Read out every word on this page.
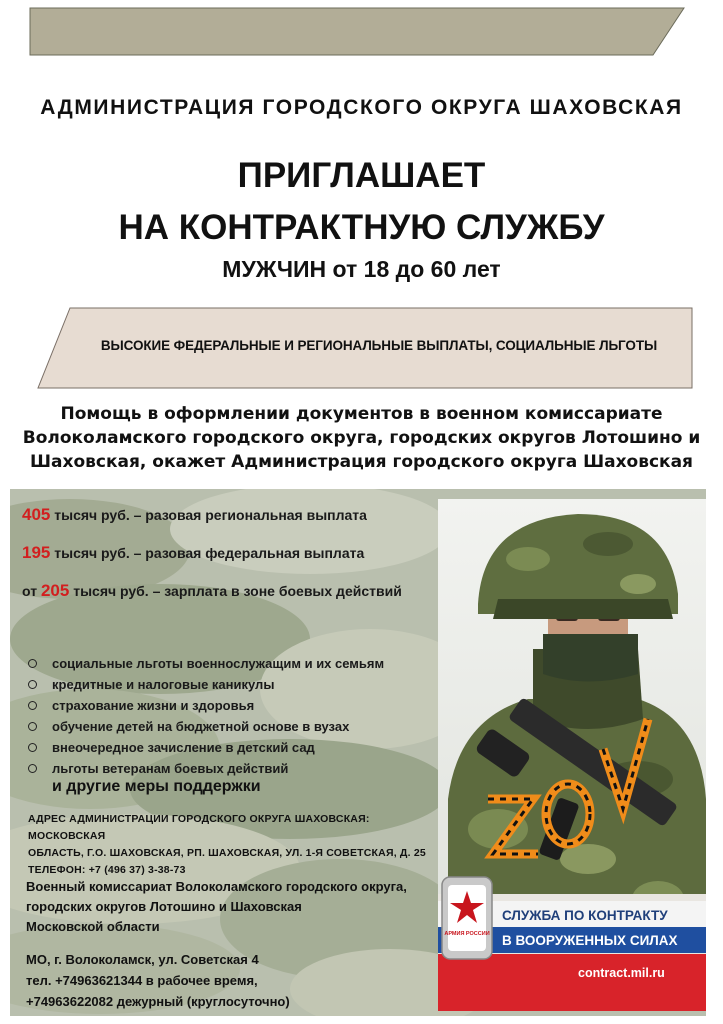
АДМИНИСТРАЦИЯ ГОРОДСКОГО ОКРУГА ШАХОВСКАЯ
ПРИГЛАШАЕТ
НА КОНТРАКТНУЮ СЛУЖБУ
МУЖЧИН от 18 до 60 лет
ВЫСОКИЕ ФЕДЕРАЛЬНЫЕ И РЕГИОНАЛЬНЫЕ ВЫПЛАТЫ, СОЦИАЛЬНЫЕ ЛЬГОТЫ
Помощь в оформлении документов в военном комиссариате
Волоколамского городского округа, городских округов Лотошино и
Шаховская, окажет Администрация городского округа Шаховская
405 тысяч руб. – разовая региональная выплата
195 тысяч руб. – разовая федеральная выплата
от 205 тысяч руб. – зарплата в зоне боевых действий
социальные льготы военнослужащим и их семьям
кредитные и налоговые каникулы
страхование жизни и здоровья
обучение детей на бюджетной основе в вузах
внеочередное зачисление в детский сад
льготы ветеранам боевых действий
и другие меры поддержки
АДРЕС АДМИНИСТРАЦИИ ГОРОДСКОГО ОКРУГА ШАХОВСКАЯ: МОСКОВСКАЯ
ОБЛАСТЬ, Г.О. ШАХОВСКАЯ, РП. ШАХОВСКАЯ, УЛ. 1-Я СОВЕТСКАЯ, Д. 25
ТЕЛЕФОН: +7 (496 37) 3-38-73
Военный комиссариат Волоколамского городского округа,
городских округов Лотошино и Шаховская
Московской области
МО, г. Волоколамск, ул. Советская 4
тел. +74963621344 в рабочее время,
+74963622082 дежурный (круглосуточно)
АРМИЯ РОССИИ
СЛУЖБА ПО КОНТРАКТУ
В ВООРУЖЕННЫХ СИЛАХ
contract.mil.ru
